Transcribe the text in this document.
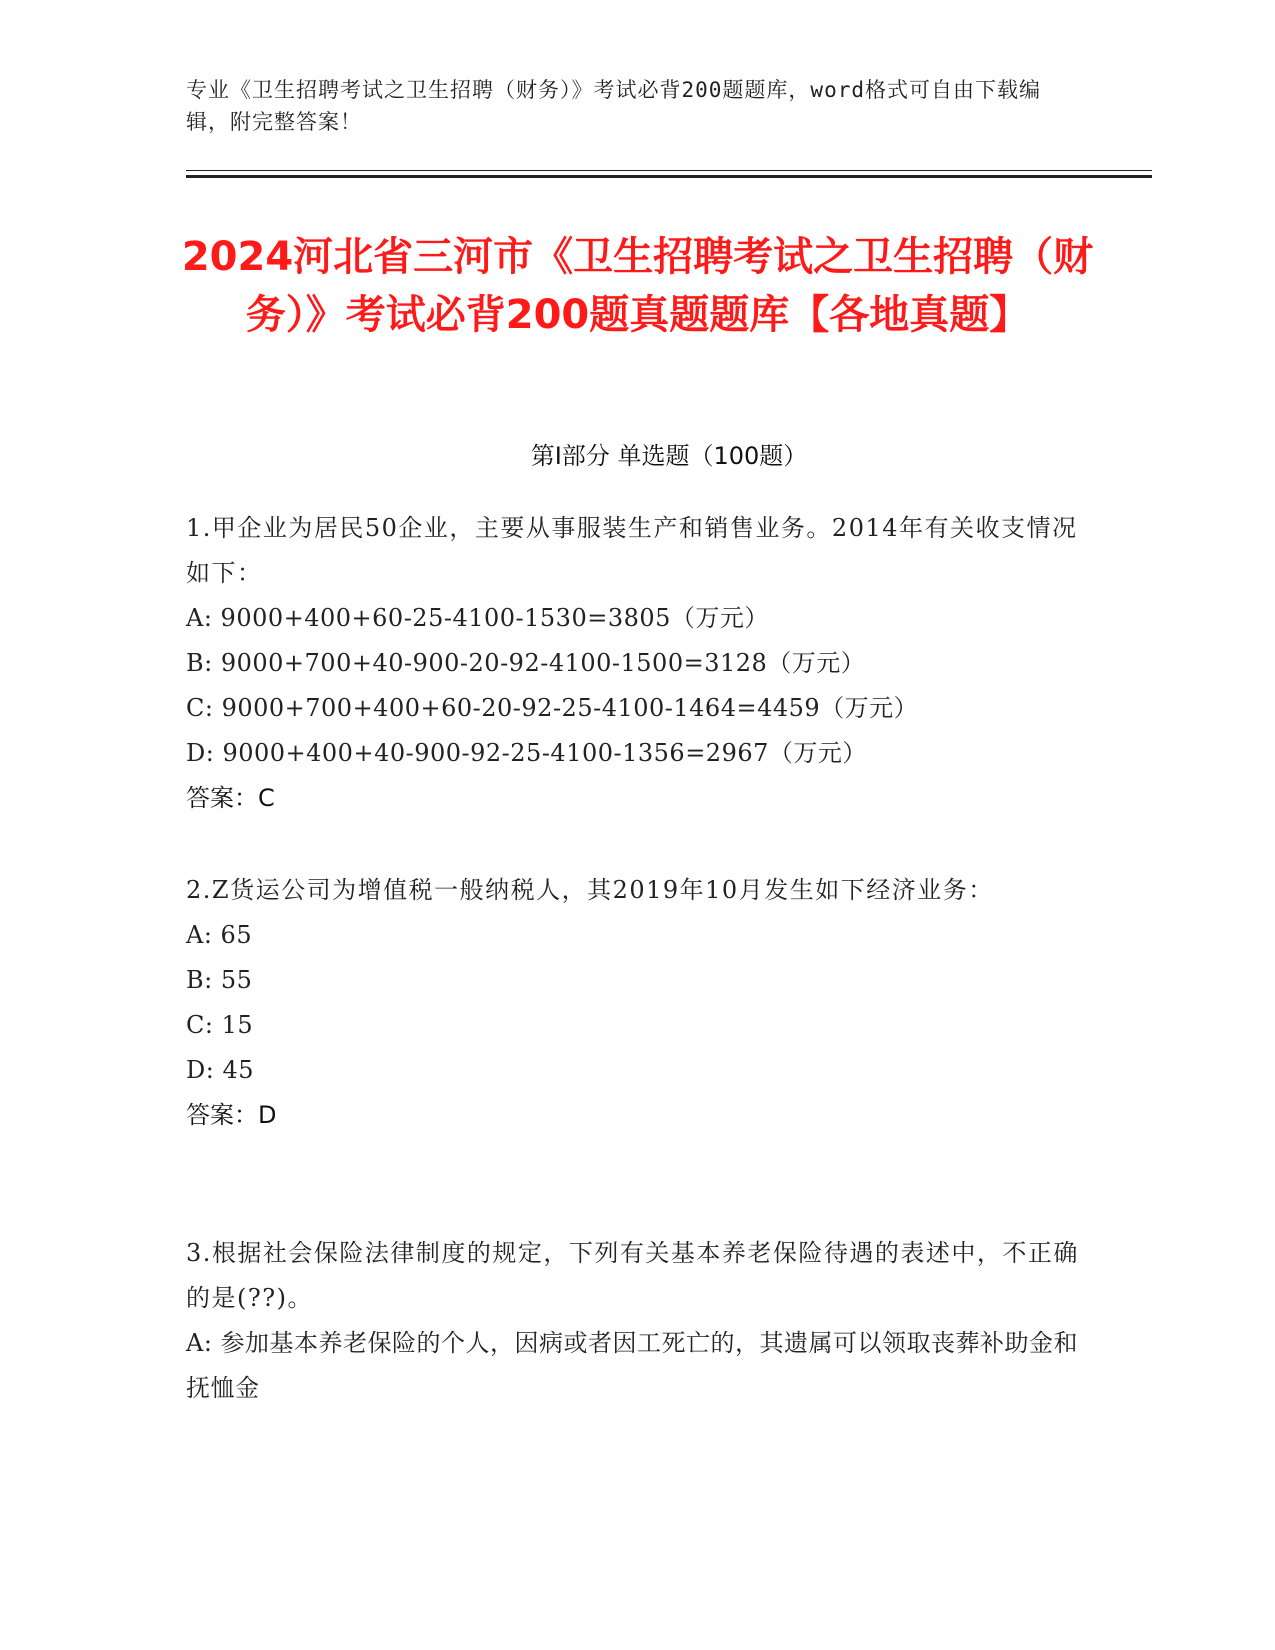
专业《卫生招聘考试之卫生招聘（财务）》考试必背200题题库，word格式可自由下载编辑，附完整答案！
2024河北省三河市《卫生招聘考试之卫生招聘（财务）》考试必背200题真题题库【各地真题】
第I部分 单选题（100题）
1.甲企业为居民50企业，主要从事服装生产和销售业务。2014年有关收支情况如下：
A: 9000+400+60-25-4100-1530=3805（万元）
B: 9000+700+40-900-20-92-4100-1500=3128（万元）
C: 9000+700+400+60-20-92-25-4100-1464=4459（万元）
D: 9000+400+40-900-92-25-4100-1356=2967（万元）
答案：C
2.Z货运公司为增值税一般纳税人，其2019年10月发生如下经济业务：
A: 65
B: 55
C: 15
D: 45
答案：D
3.根据社会保险法律制度的规定，下列有关基本养老保险待遇的表述中，不正确的是(??)。
A: 参加基本养老保险的个人，因病或者因工死亡的，其遗属可以领取丧葬补助金和抚恤金
